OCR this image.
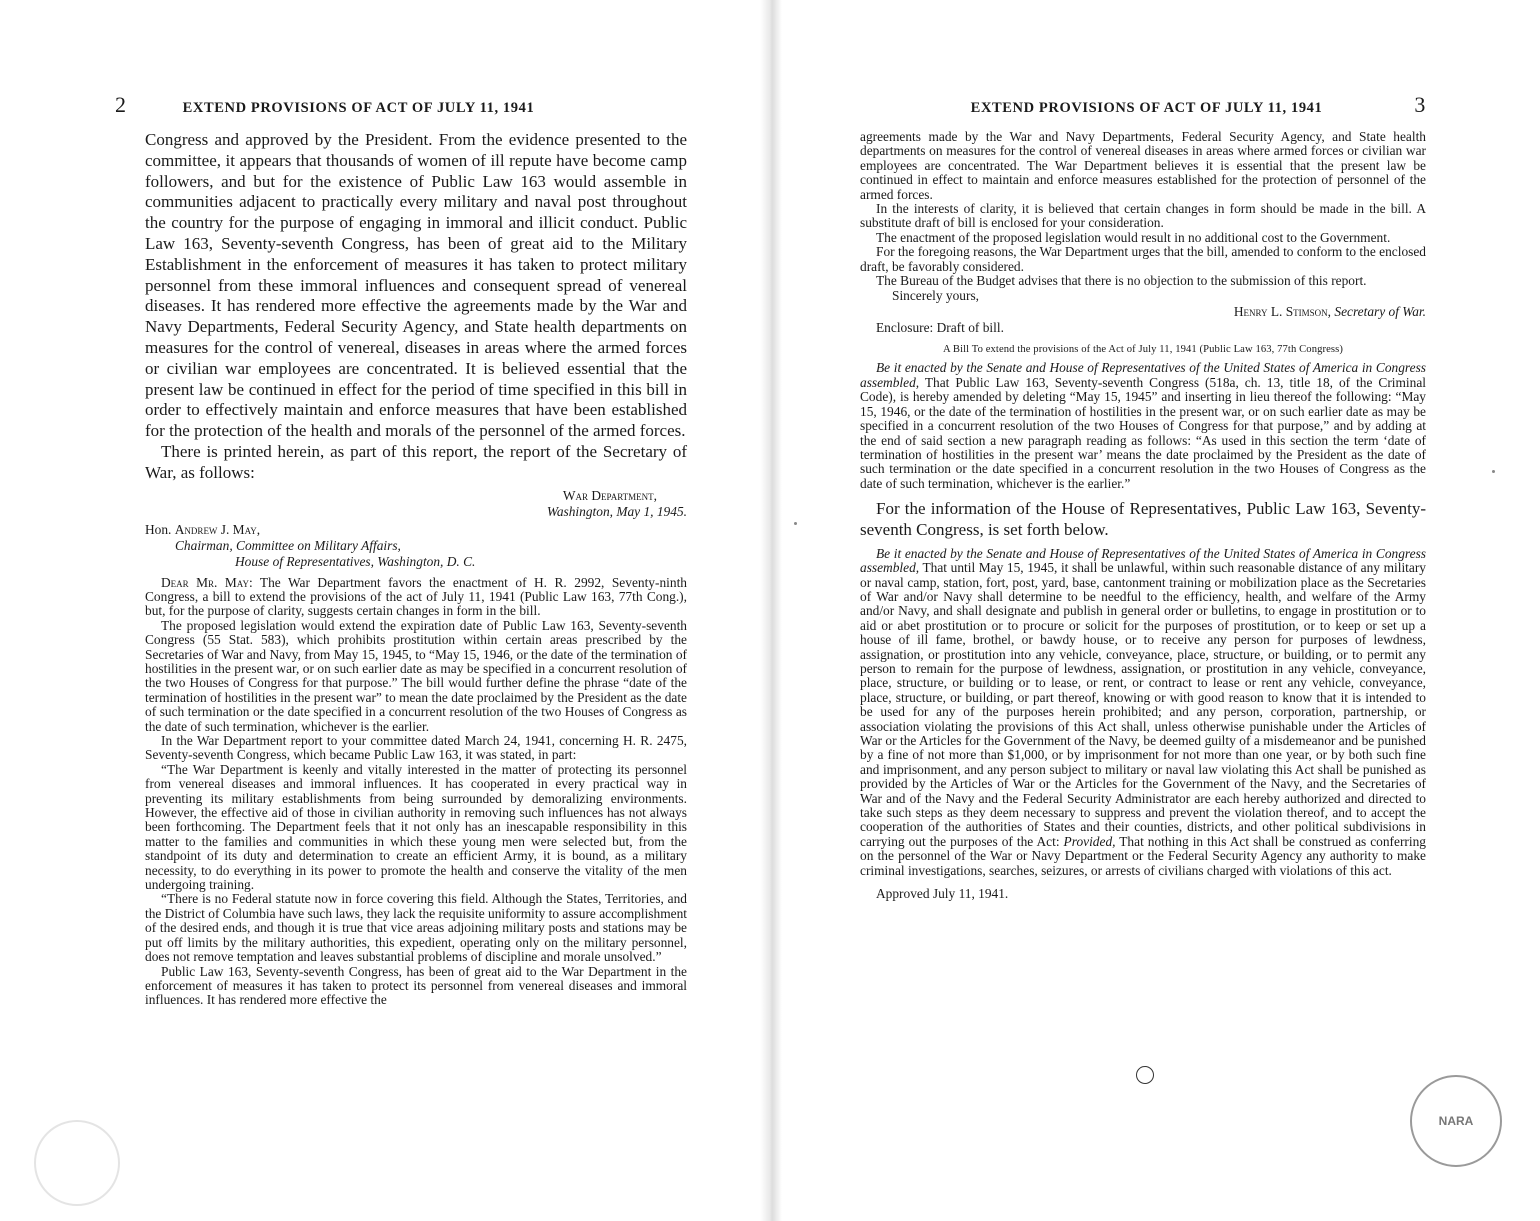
2	EXTEND PROVISIONS OF ACT OF JULY 11, 1941

Congress and approved by the President. From the evidence presented to the committee, it appears that thousands of women of ill repute have become camp followers, and but for the existence of Public Law 163 would assemble in communities adjacent to practically every military and naval post throughout the country for the purpose of engaging in immoral and illicit conduct. Public Law 163, Seventy-seventh Congress, has been of great aid to the Military Establishment in the enforcement of measures it has taken to protect military personnel from these immoral influences and consequent spread of venereal diseases. It has rendered more effective the agreements made by the War and Navy Departments, Federal Security Agency, and State health departments on measures for the control of venereal, diseases in areas where the armed forces or civilian war employees are concentrated. It is believed essential that the present law be continued in effect for the period of time specified in this bill in order to effectively maintain and enforce measures that have been established for the protection of the health and morals of the personnel of the armed forces.

There is printed herein, as part of this report, the report of the Secretary of War, as follows:

War Department,
Washington, May 1, 1945.
Hon. Andrew J. May,
Chairman, Committee on Military Affairs,
House of Representatives, Washington, D. C.

Dear Mr. May: The War Department favors the enactment of H. R. 2992, Seventy-ninth Congress, a bill to extend the provisions of the act of July 11, 1941 (Public Law 163, 77th Cong.), but, for the purpose of clarity, suggests certain changes in form in the bill.

The proposed legislation would extend the expiration date of Public Law 163, Seventy-seventh Congress (55 Stat. 583), which prohibits prostitution within certain areas prescribed by the Secretaries of War and Navy, from May 15, 1945, to “May 15, 1946, or the date of the termination of hostilities in the present war, or on such earlier date as may be specified in a concurrent resolution of the two Houses of Congress for that purpose.” The bill would further define the phrase “date of the termination of hostilities in the present war” to mean the date proclaimed by the President as the date of such termination or the date specified in a concurrent resolution of the two Houses of Congress as the date of such termination, whichever is the earlier.

In the War Department report to your committee dated March 24, 1941, concerning H. R. 2475, Seventy-seventh Congress, which became Public Law 163, it was stated, in part:

“The War Department is keenly and vitally interested in the matter of protecting its personnel from venereal diseases and immoral influences. It has cooperated in every practical way in preventing its military establishments from being surrounded by demoralizing environments. However, the effective aid of those in civilian authority in removing such influences has not always been forthcoming. The Department feels that it not only has an inescapable responsibility in this matter to the families and communities in which these young men were selected but, from the standpoint of its duty and determination to create an efficient Army, it is bound, as a military necessity, to do everything in its power to promote the health and conserve the vitality of the men undergoing training.

“There is no Federal statute now in force covering this field. Although the States, Territories, and the District of Columbia have such laws, they lack the requisite uniformity to assure accomplishment of the desired ends, and though it is true that vice areas adjoining military posts and stations may be put off limits by the military authorities, this expedient, operating only on the military personnel, does not remove temptation and leaves substantial problems of discipline and morale unsolved.”

Public Law 163, Seventy-seventh Congress, has been of great aid to the War Department in the enforcement of measures it has taken to protect its personnel from venereal diseases and immoral influences. It has rendered more effective the

EXTEND PROVISIONS OF ACT OF JULY 11, 1941	3

agreements made by the War and Navy Departments, Federal Security Agency, and State health departments on measures for the control of venereal diseases in areas where armed forces or civilian war employees are concentrated. The War Department believes it is essential that the present law be continued in effect to maintain and enforce measures established for the protection of personnel of the armed forces.

In the interests of clarity, it is believed that certain changes in form should be made in the bill. A substitute draft of bill is enclosed for your consideration.

The enactment of the proposed legislation would result in no additional cost to the Government.

For the foregoing reasons, the War Department urges that the bill, amended to conform to the enclosed draft, be favorably considered.

The Bureau of the Budget advises that there is no objection to the submission of this report.

Sincerely yours,
Henry L. Stimson, Secretary of War.
Enclosure: Draft of bill.
A Bill To extend the provisions of the Act of July 11, 1941 (Public Law 163, 77th Congress)

Be it enacted by the Senate and House of Representatives of the United States of America in Congress assembled, That Public Law 163, Seventy-seventh Congress (518a, ch. 13, title 18, of the Criminal Code), is hereby amended by deleting “May 15, 1945” and inserting in lieu thereof the following: “May 15, 1946, or the date of the termination of hostilities in the present war, or on such earlier date as may be specified in a concurrent resolution of the two Houses of Congress for that purpose,” and by adding at the end of said section a new paragraph reading as follows: “As used in this section the term ‘date of termination of hostilities in the present war’ means the date proclaimed by the President as the date of such termination or the date specified in a concurrent resolution in the two Houses of Congress as the date of such termination, whichever is the earlier.”

For the information of the House of Representatives, Public Law 163, Seventy-seventh Congress, is set forth below.

Be it enacted by the Senate and House of Representatives of the United States of America in Congress assembled, That until May 15, 1945, it shall be unlawful, within such reasonable distance of any military or naval camp, station, fort, post, yard, base, cantonment training or mobilization place as the Secretaries of War and/or Navy shall determine to be needful to the efficiency, health, and welfare of the Army and/or Navy, and shall designate and publish in general order or bulletins, to engage in prostitution or to aid or abet prostitution or to procure or solicit for the purposes of prostitution, or to keep or set up a house of ill fame, brothel, or bawdy house, or to receive any person for purposes of lewdness, assignation, or prostitution into any vehicle, conveyance, place, structure, or building, or to permit any person to remain for the purpose of lewdness, assignation, or prostitution in any vehicle, conveyance, place, structure, or building or to lease, or rent, or contract to lease or rent any vehicle, conveyance, place, structure, or building, or part thereof, knowing or with good reason to know that it is intended to be used for any of the purposes herein prohibited; and any person, corporation, partnership, or association violating the provisions of this Act shall, unless otherwise punishable under the Articles of War or the Articles for the Government of the Navy, be deemed guilty of a misdemeanor and be punished by a fine of not more than $1,000, or by imprisonment for not more than one year, or by both such fine and imprisonment, and any person subject to military or naval law violating this Act shall be punished as provided by the Articles of War or the Articles for the Government of the Navy, and the Secretaries of War and of the Navy and the Federal Security Administrator are each hereby authorized and directed to take such steps as they deem necessary to suppress and prevent the violation thereof, and to accept the cooperation of the authorities of States and their counties, districts, and other political subdivisions in carrying out the purposes of the Act: Provided, That nothing in this Act shall be construed as conferring on the personnel of the War or Navy Department or the Federal Security Agency any authority to make criminal investigations, searches, seizures, or arrests of civilians charged with violations of this act.

Approved July 11, 1941.
NARA
